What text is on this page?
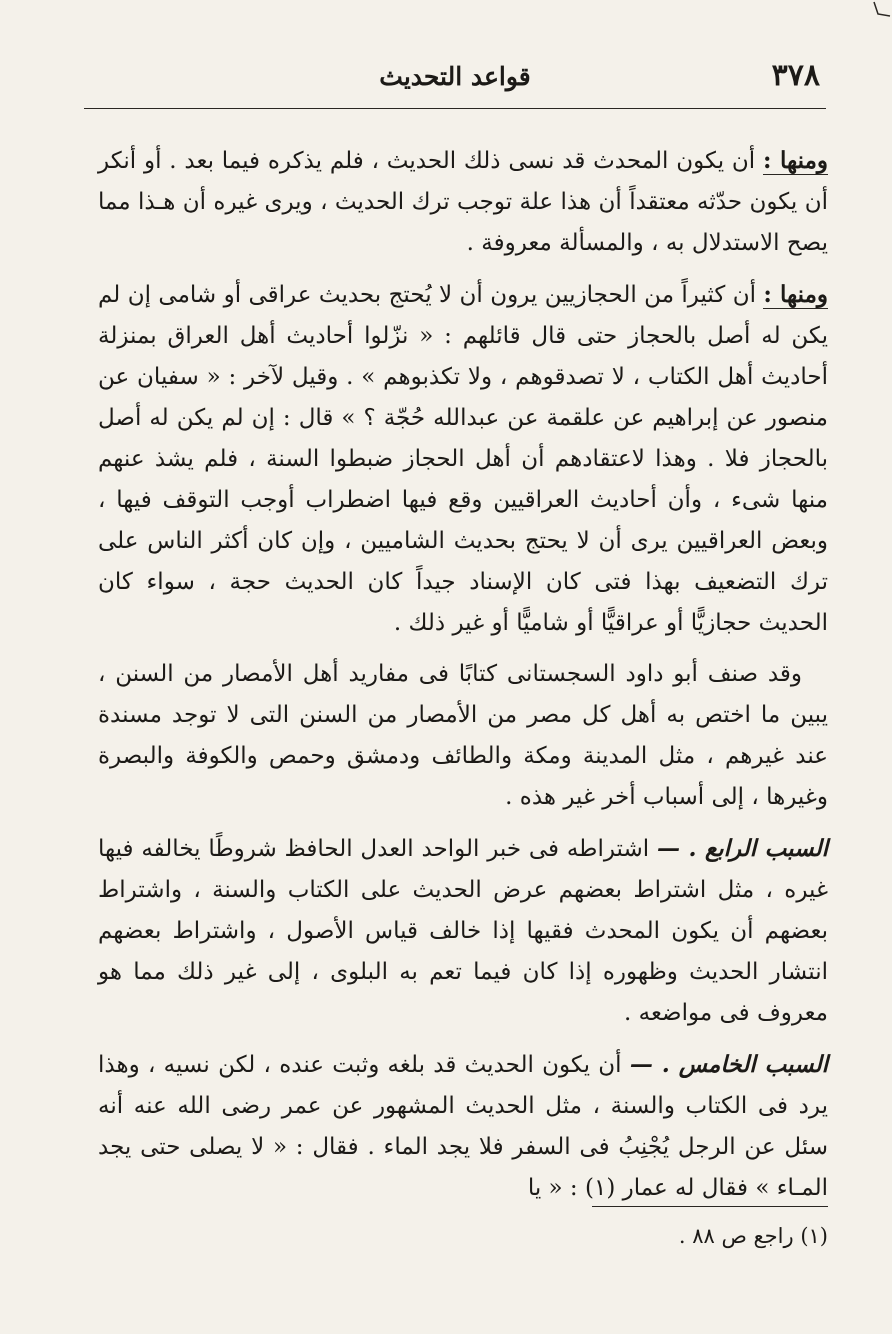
٣٧٨
قواعد التحديث

ومنها : أن يكون المحدث قد نسى ذلك الحديث ، فلم يذكره فيما بعد . أو أنكر أن يكون حدّثه معتقداً أن هذا علة توجب ترك الحديث ، ويرى غيره أن هـذا مما يصح الاستدلال به ، والمسألة معروفة .

ومنها : أن كثيراً من الحجازيين يرون أن لا يُحتج بحديث عراقى أو شامى إن لم يكن له أصل بالحجاز حتى قال قائلهم : « نزّلوا أحاديث أهل العراق بمنزلة أحاديث أهل الكتاب ، لا تصدقوهم ، ولا تكذبوهم » . وقيل لآخر : « سفيان عن منصور عن إبراهيم عن علقمة عن عبدالله حُجّة ؟ » قال : إن لم يكن له أصل بالحجاز فلا . وهذا لاعتقادهم أن أهل الحجاز ضبطوا السنة ، فلم يشذ عنهم منها شىء ، وأن أحاديث العراقيين وقع فيها اضطراب أوجب التوقف فيها ، وبعض العراقيين يرى أن لا يحتج بحديث الشاميين ، وإن كان أكثر الناس على ترك التضعيف بهذا فتى كان الإسناد جيداً كان الحديث حجة ، سواء كان الحديث حجازيًّا أو عراقيًّا أو شاميًّا أو غير ذلك .

وقد صنف أبو داود السجستانى كتابًا فى مفاريد أهل الأمصار من السنن ، يبين ما اختص به أهل كل مصر من الأمصار من السنن التى لا توجد مسندة عند غيرهم ، مثل المدينة ومكة والطائف ودمشق وحمص والكوفة والبصرة وغيرها ، إلى أسباب أخر غير هذه .

السبب الرابع . — اشتراطه فى خبر الواحد العدل الحافظ شروطًا يخالفه فيها غيره ، مثل اشتراط بعضهم عرض الحديث على الكتاب والسنة ، واشتراط بعضهم أن يكون المحدث فقيها إذا خالف قياس الأصول ، واشتراط بعضهم انتشار الحديث وظهوره إذا كان فيما تعم به البلوى ، إلى غير ذلك مما هو معروف فى مواضعه .

السبب الخامس . — أن يكون الحديث قد بلغه وثبت عنده ، لكن نسيه ، وهذا يرد فى الكتاب والسنة ، مثل الحديث المشهور عن عمر رضى الله عنه أنه سئل عن الرجل يُجْنِبُ فى السفر فلا يجد الماء . فقال : « لا يصلى حتى يجد المـاء » فقال له عمار (١) : « يا

(١) راجع ص ٨٨ .
